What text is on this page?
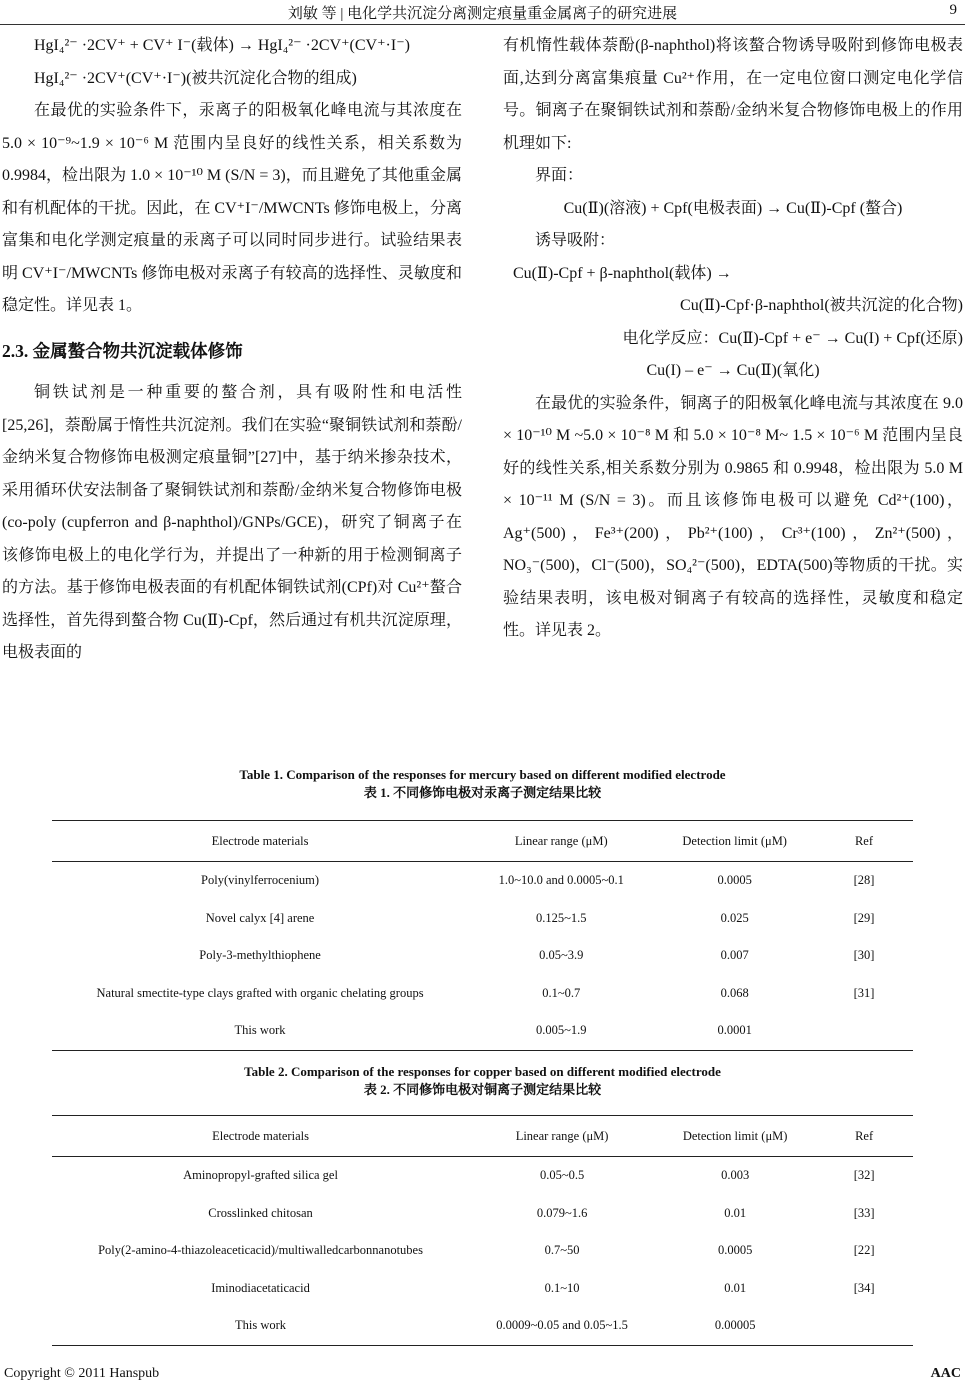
刘敏 等 | 电化学共沉淀分离测定痕量重金属离子的研究进展	9

HgI₄²⁻ ·2CV⁺ + CV⁺ I⁻(载体) → HgI₄²⁻ ·2CV⁺(CV⁺·I⁻)

HgI₄²⁻ ·2CV⁺(CV⁺·I⁻)(被共沉淀化合物的组成)

在最优的实验条件下，汞离子的阳极氧化峰电流与其浓度在 5.0 × 10⁻⁹~1.9 × 10⁻⁶ M 范围内呈良好的线性关系，相关系数为 0.9984，检出限为 1.0 × 10⁻¹⁰ M (S/N = 3)，而且避免了其他重金属和有机配体的干扰。因此，在 CV⁺I⁻/MWCNTs 修饰电极上，分离富集和电化学测定痕量的汞离子可以同时同步进行。试验结果表明 CV⁺I⁻/MWCNTs 修饰电极对汞离子有较高的选择性、灵敏度和稳定性。详见表 1。

2.3. 金属螯合物共沉淀载体修饰

铜铁试剂是一种重要的螯合剂，具有吸附性和电活性[25,26]，萘酚属于惰性共沉淀剂。我们在实验“聚铜铁试剂和萘酚/金纳米复合物修饰电极测定痕量铜”[27]中，基于纳米掺杂技术，采用循环伏安法制备了聚铜铁试剂和萘酚/金纳米复合物修饰电极(co-poly (cupferron and β-naphthol)/GNPs/GCE)，研究了铜离子在该修饰电极上的电化学行为，并提出了一种新的用于检测铜离子的方法。基于修饰电极表面的有机配体铜铁试剂(CPf)对 Cu²⁺螯合选择性，首先得到螯合物 Cu(Ⅱ)-Cpf，然后通过有机共沉淀原理，电极表面的

有机惰性载体萘酚(β-naphthol)将该螯合物诱导吸附到修饰电极表面,达到分离富集痕量 Cu²⁺作用，在一定电位窗口测定电化学信号。铜离子在聚铜铁试剂和萘酚/金纳米复合物修饰电极上的作用机理如下:

界面：

Cu(Ⅱ)(溶液) + Cpf(电极表面) → Cu(Ⅱ)-Cpf (螯合)

诱导吸附：

Cu(Ⅱ)-Cpf + β-naphthol(载体) →

Cu(Ⅱ)-Cpf·β-naphthol(被共沉淀的化合物)

电化学反应：Cu(Ⅱ)-Cpf + e⁻ → Cu(I) + Cpf(还原)

Cu(I) – e⁻ → Cu(Ⅱ)(氧化)

在最优的实验条件，铜离子的阳极氧化峰电流与其浓度在 9.0 × 10⁻¹⁰ M ~5.0 × 10⁻⁸ M 和 5.0 × 10⁻⁸ M~ 1.5 × 10⁻⁶ M 范围内呈良好的线性关系,相关系数分别为 0.9865 和 0.9948，检出限为 5.0 M × 10⁻¹¹ M (S/N = 3)。而且该修饰电极可以避免 Cd²⁺(100)，Ag⁺(500)，Fe³⁺(200)，Pb²⁺(100)，Cr³⁺(100)，Zn²⁺(500)，NO₃⁻(500)，Cl⁻(500)，SO₄²⁻(500)，EDTA(500)等物质的干扰。实验结果表明，该电极对铜离子有较高的选择性，灵敏度和稳定性。详见表 2。

Table 1. Comparison of the responses for mercury based on different modified electrode
表 1. 不同修饰电极对汞离子测定结果比较
Electrode materials	Linear range (μM)	Detection limit (μM)	Ref
Poly(vinylferrocenium)	1.0~10.0 and 0.0005~0.1	0.0005	[28]
Novel calyx [4] arene	0.125~1.5	0.025	[29]
Poly-3-methylthiophene	0.05~3.9	0.007	[30]
Natural smectite-type clays grafted with organic chelating groups	0.1~0.7	0.068	[31]
This work	0.005~1.9	0.0001	
Table 2. Comparison of the responses for copper based on different modified electrode
表 2. 不同修饰电极对铜离子测定结果比较
Electrode materials	Linear range (μM)	Detection limit (μM)	Ref
Aminopropyl-grafted silica gel	0.05~0.5	0.003	[32]
Crosslinked chitosan	0.079~1.6	0.01	[33]
Poly(2-amino-4-thiazoleaceticacid)/multiwalledcarbonnanotubes	0.7~50	0.0005	[22]
Iminodiacetaticacid	0.1~10	0.01	[34]
This work	0.0009~0.05 and 0.05~1.5	0.00005	
Copyright © 2011 Hanspub	AAC
